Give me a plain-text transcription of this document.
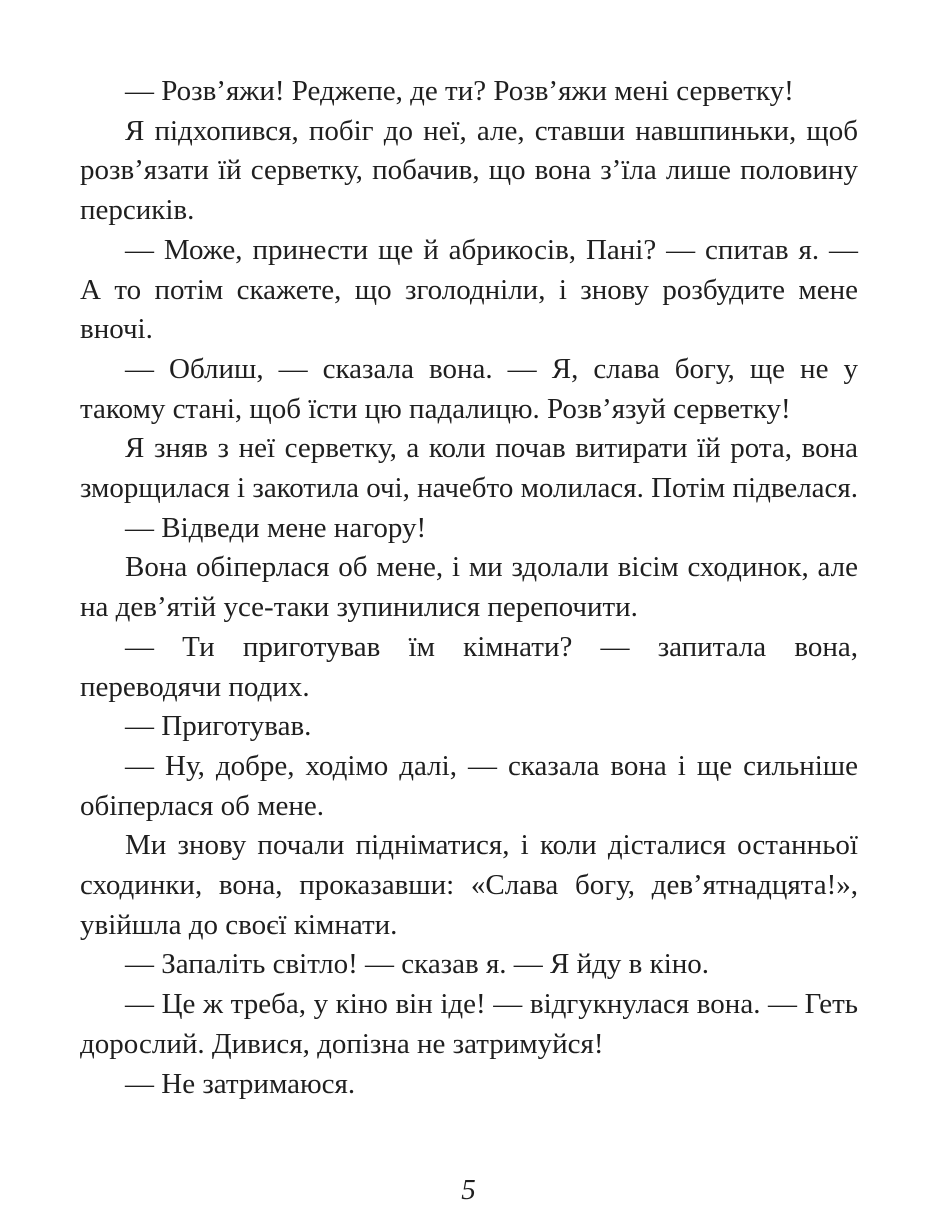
— Розв’яжи! Реджепе, де ти? Розв’яжи мені серветку!

Я підхопився, побіг до неї, але, ставши навшпиньки, щоб розв’язати їй серветку, побачив, що вона з’їла лише половину персиків.

— Може, принести ще й абрикосів, Пані? — спитав я. — А то потім скажете, що зголодніли, і знову розбудите мене вночі.

— Облиш, — сказала вона. — Я, слава богу, ще не у такому стані, щоб їсти цю падалицю. Розв’язуй серветку!

Я зняв з неї серветку, а коли почав витирати їй рота, вона зморщилася і закотила очі, начебто молилася. Потім підвелася.

— Відведи мене нагору!

Вона обіперлася об мене, і ми здолали вісім сходинок, але на дев’ятій усе-таки зупинилися перепочити.

— Ти приготував їм кімнати? — запитала вона, переводячи подих.

— Приготував.

— Ну, добре, ходімо далі, — сказала вона і ще сильніше обіперлася об мене.

Ми знову почали підніматися, і коли дісталися останньої сходинки, вона, проказавши: «Слава богу, дев’ятнадцята!», увійшла до своєї кімнати.

— Запаліть світло! — сказав я. — Я йду в кіно.

— Це ж треба, у кіно він іде! — відгукнулася вона. — Геть дорослий. Дивися, допізна не затримуйся!

— Не затримаюся.

5
